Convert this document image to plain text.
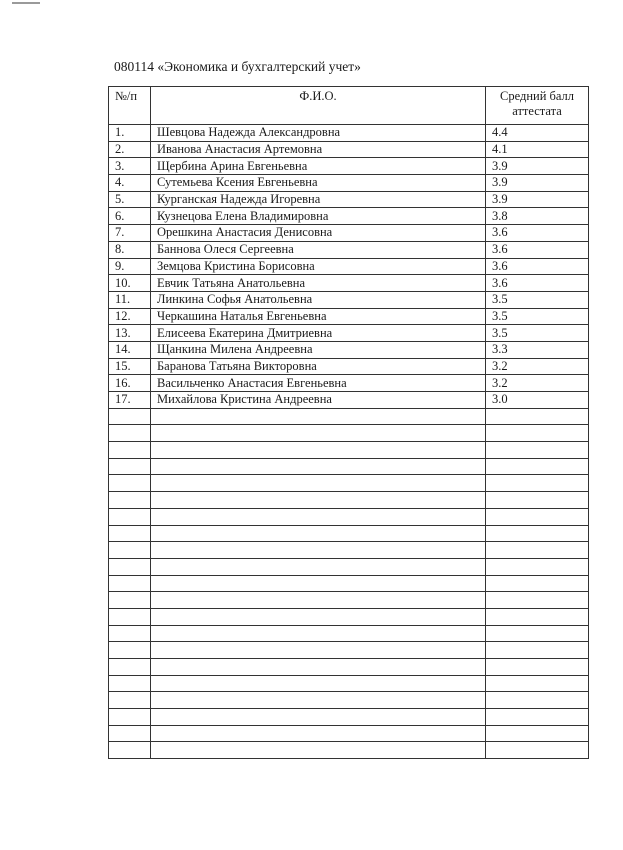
080114 «Экономика и бухгалтерский учет»
№/п	Ф.И.О.	Средний балл аттестата
1.	Шевцова Надежда Александровна	4.4
2.	Иванова Анастасия Артемовна	4.1
3.	Щербина Арина Евгеньевна	3.9
4.	Сутемьева Ксения Евгеньевна	3.9
5.	Курганская Надежда Игоревна	3.9
6.	Кузнецова Елена Владимировна	3.8
7.	Орешкина Анастасия Денисовна	3.6
8.	Баннова Олеся Сергеевна	3.6
9.	Земцова Кристина Борисовна	3.6
10.	Евчик Татьяна Анатольевна	3.6
11.	Линкина Софья Анатольевна	3.5
12.	Черкашина Наталья Евгеньевна	3.5
13.	Елисеева Екатерина Дмитриевна	3.5
14.	Щанкина Милена Андреевна	3.3
15.	Баранова Татьяна Викторовна	3.2
16.	Васильченко Анастасия Евгеньевна	3.2
17.	Михайлова Кристина Андреевна	3.0
